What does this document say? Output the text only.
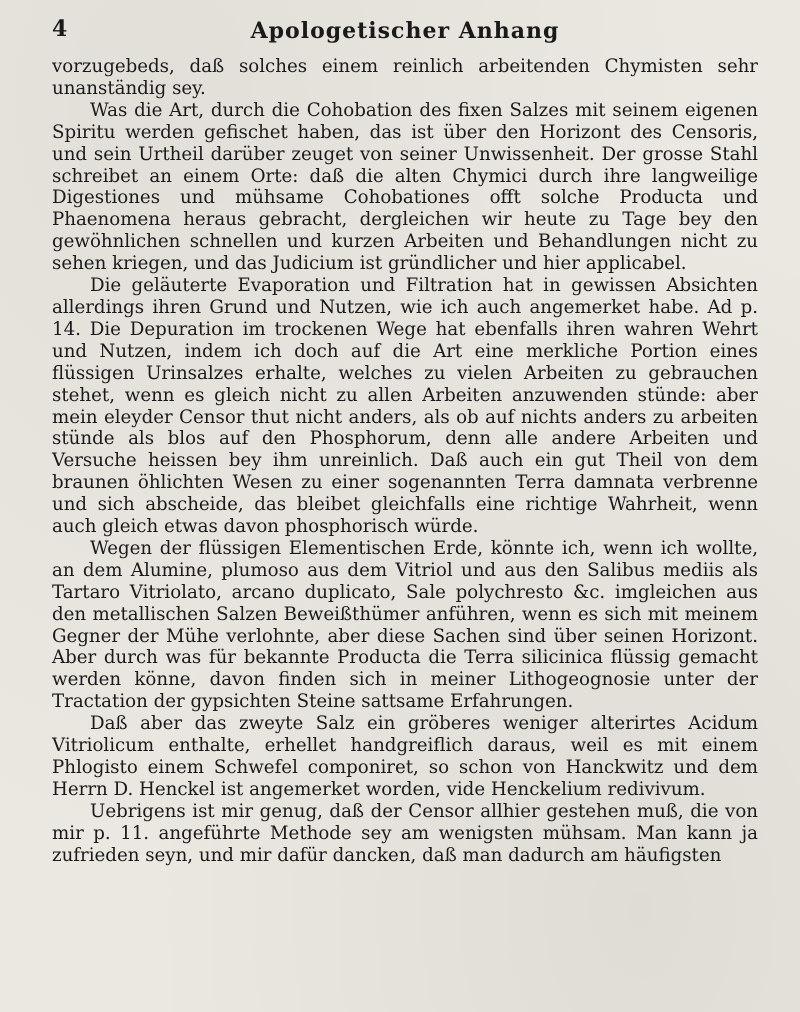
4	Apologetischer Anhang

vorzugebeds, daß solches einem reinlich arbeitenden Chymisten sehr unanständig sey.

Was die Art, durch die Cohobation des fixen Salzes mit seinem eigenen Spiritu werden gefischet haben, das ist über den Horizont des Censoris, und sein Urtheil darüber zeuget von seiner Unwissenheit. Der grosse Stahl schreibet an einem Orte: daß die alten Chymici durch ihre langweilige Digestiones und mühsame Cohobationes offt solche Producta und Phaenomena heraus gebracht, dergleichen wir heute zu Tage bey den gewöhnlichen schnellen und kurzen Arbeiten und Behandlungen nicht zu sehen kriegen, und das Judicium ist gründlicher und hier applicabel.

Die geläuterte Evaporation und Filtration hat in gewissen Absichten allerdings ihren Grund und Nutzen, wie ich auch angemerket habe. Ad p. 14. Die Depuration im trockenen Wege hat ebenfalls ihren wahren Wehrt und Nutzen, indem ich doch auf die Art eine merkliche Portion eines flüssigen Urinsalzes erhalte, welches zu vielen Arbeiten zu gebrauchen stehet, wenn es gleich nicht zu allen Arbeiten anzuwenden stünde: aber mein eleyder Censor thut nicht anders, als ob auf nichts anders zu arbeiten stünde als blos auf den Phosphorum, denn alle andere Arbeiten und Versuche heissen bey ihm unreinlich. Daß auch ein gut Theil von dem braunen öhlichten Wesen zu einer sogenannten Terra damnata verbrenne und sich abscheide, das bleibet gleichfalls eine richtige Wahrheit, wenn auch gleich etwas davon phosphorisch würde.

Wegen der flüssigen Elementischen Erde, könnte ich, wenn ich wollte, an dem Alumine, plumoso aus dem Vitriol und aus den Salibus mediis als Tartaro Vitriolato, arcano duplicato, Sale polychresto &c. imgleichen aus den metallischen Salzen Beweißthümer anführen, wenn es sich mit meinem Gegner der Mühe verlohnte, aber diese Sachen sind über seinen Horizont. Aber durch was für bekannte Producta die Terra silicinica flüssig gemacht werden könne, davon finden sich in meiner Lithogeognosie unter der Tractation der gypsichten Steine sattsame Erfahrungen.

Daß aber das zweyte Salz ein gröberes weniger alterirtes Acidum Vitriolicum enthalte, erhellet handgreiflich daraus, weil es mit einem Phlogisto einem Schwefel componiret, so schon von Hanckwitz und dem Herrn D. Henckel ist angemerket worden, vide Henckelium redivivum.

Uebrigens ist mir genug, daß der Censor allhier gestehen muß, die von mir p. 11. angeführte Methode sey am wenigsten mühsam. Man kann ja zufrieden seyn, und mir dafür dancken, daß man dadurch am häufigsten
